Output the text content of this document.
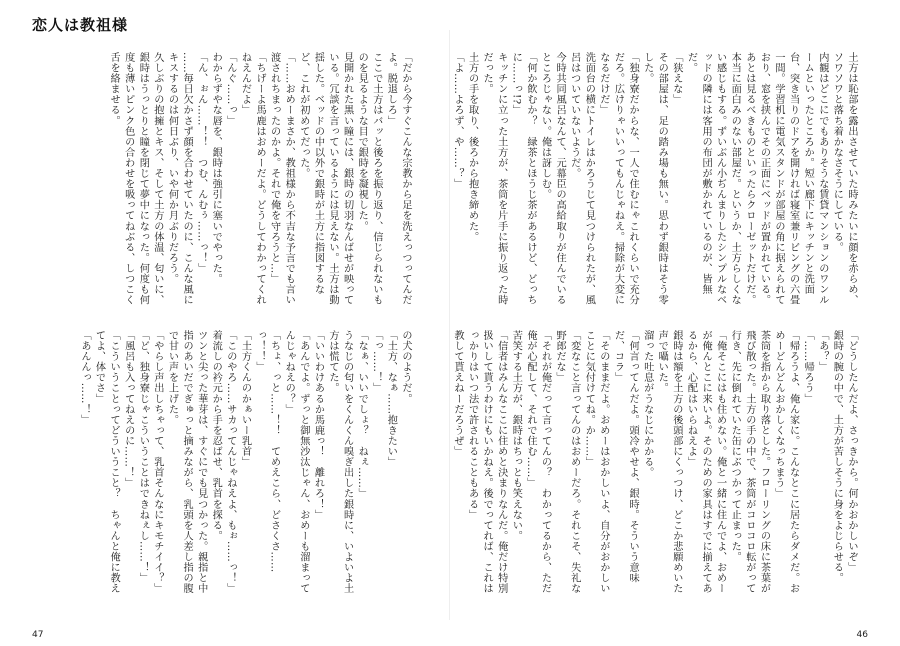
恋人は教祖様

「だから今すぐこんな宗教から足を洗えっつってんだよ。脱退しろ」

ここで土方はバッと後ろを振り返り、信じられないものを見るような目で銀時を凝視した。

見開かれた黒い瞳には、銀時の切羽なんばせが映っている。冗談を言っているようには見えない。土方は動揺した。ベッドの中以外で銀時が土方に指図するなど、これが初めてだった。

「……おめーまさか、教祖様から不吉な予言でも言い渡されちまったのかよ。それで俺を守ろうと…」

「ちげーよ馬鹿はおめーだよ。どうしてわかってくれねえんだよ」

「んぐ……っ」

わからずやな唇を、銀時は強引に塞いでやった。

「ん、ぉん……！！　つむ、んむぅ……っ！」

……毎日欠かさず顔を合わせていたのに、こんな風にキスするのは何日ぶり、いや何か月ぶりだろう。

久しぶりの抱擁とキス、そして土方の体温、匂いに、銀時はうっとりと瞳を閉じて夢中になった。何度も何度も薄いピンク色の合わせを吸ってねぶる、しつこく舌を絡ませる。

の犬のようだ。

「土方、なぁ……抱きたい」

「っ……！」

「なぁ、いいでしょ？　ねぇ……」

うなじの匂いをくんくん嗅ぎ出した銀時に、いよいよ土方は慌てた。

「いいわけあるか馬鹿っ！　離れろ！」

「あんでよ。ずっと御無沙汰じゃん、おめーも溜まってんじゃねえの？」

「ちょ、っと……！！　てめえこら、どさくさ……っ！！」

「土方くんのかぁいー乳首」

「このやろ……サカってんじゃねえよ、もぉ……っ！」

着流しの衿元から手を忍ばせ、乳首を探る。

ツンと尖った華芽は、すぐにでも見つかった。親指と中指のあいだでぎゅっと摘みながら、乳頭を人差し指の腹で甘い声を上げた。

「やらし声出しちゃって、乳首そんなにキモチイイ？」

「ど、独身寮じゃこういうことはできねぇし……！」

「風呂も入ってねえのに……！」

「こういうことってどういうこと？　ちゃんと俺に教えてよ、体でさ」

「あんんっ……！」

47

土方は恥部を露出させていた時みたいに顔を赤らめ、ソワソワと落ち着かなさそうにしている。

内観はどこにでもありそうな賃貸マンションのワンルームといったところか。短い廊下にキッチンと洗面台、突き当りのドアを開ければ寝室兼リビングの六畳一間。学習机に電気スタンドが部屋の角に据えられており、窓を挟んでその正面にベッドが置かれている。あとは見るべきものといったらクローゼットだけだ。

本当に面白みのない部屋だ。というか、土方らしくない感じもする。ずいぶん小ぢんまりしたシンプルなベッドの隣には客用の布団が敷かれているのが、皆無だ。

「狭えな」

その部屋は、足の踏み場も無い。思わず銀時はそう零した。

「独身寮だからな、一人で住むにゃこれくらいで充分だろ。広けりゃいいってもんじゃねえ。掃除が大変になるだけだ」

洗面台の横にトイレはかろうじて見つけられたが、風呂はついていないようだ。

今時共同風呂なんて、元幕臣の高給取りが住んでいるところじゃない。俺は訝しむ。

「何か飲むか？　緑茶とほうじ茶があるけど、どっちに……っ!?」

キッチンに立った土方が、茶筒を片手に振り返った時だった。

土方の手を取り、後ろから抱き締めた。

「よ……よろず、や……？」

「どうしたんだよ、さっきから。何かおかしいぞ」

銀時の腕の中で、土方が苦しそうに身をよじらせる。

「あ？」

「……帰ろう」

「帰ろうよ、俺ん家に。こんなとこに居たらダメだ。おめーどんどんおかしくなっちまう」

茶筒を指から取り落とした。フローリングの床に茶葉が飛び散った。土方の手の中で、茶筒がコロコロ転がって行き、先に倒れていた缶にぶつかって止まった。

「俺そこにはも住めない。俺と一緒に住んでよ、おめーが俺んとこに来いよ。そのための家具はすでに揃えてあるから、心配はいらねえよ」

銀時は額を土方の後頭部にくっつけ、どこか悲願めいた声で囁いた。

溜った吐息がうなじにかかる。

「何言ってんだよ。頭冷やせよ、銀時。そういう意味だ、コラ」

「そのままだよ。おめーはおかしいよ、自分がおかしいことに気付けてね。か……」

「変なこと言ってんのはおめーだろ。それこそ、失礼な野郎だな」

「それが俺だって言ってんの？　わかってるから、ただ俺が心配して、それで住む……」

苦笑する土方が、銀時はちっとも笑えない。

「信者はみんなここに住めと決まりなんだ。俺だけ特別扱いして貰うわけにもいかねえ。後でってれば、これはっかりはいつ法で許されることもある」

教して貰えねーだろうぜ」

46
